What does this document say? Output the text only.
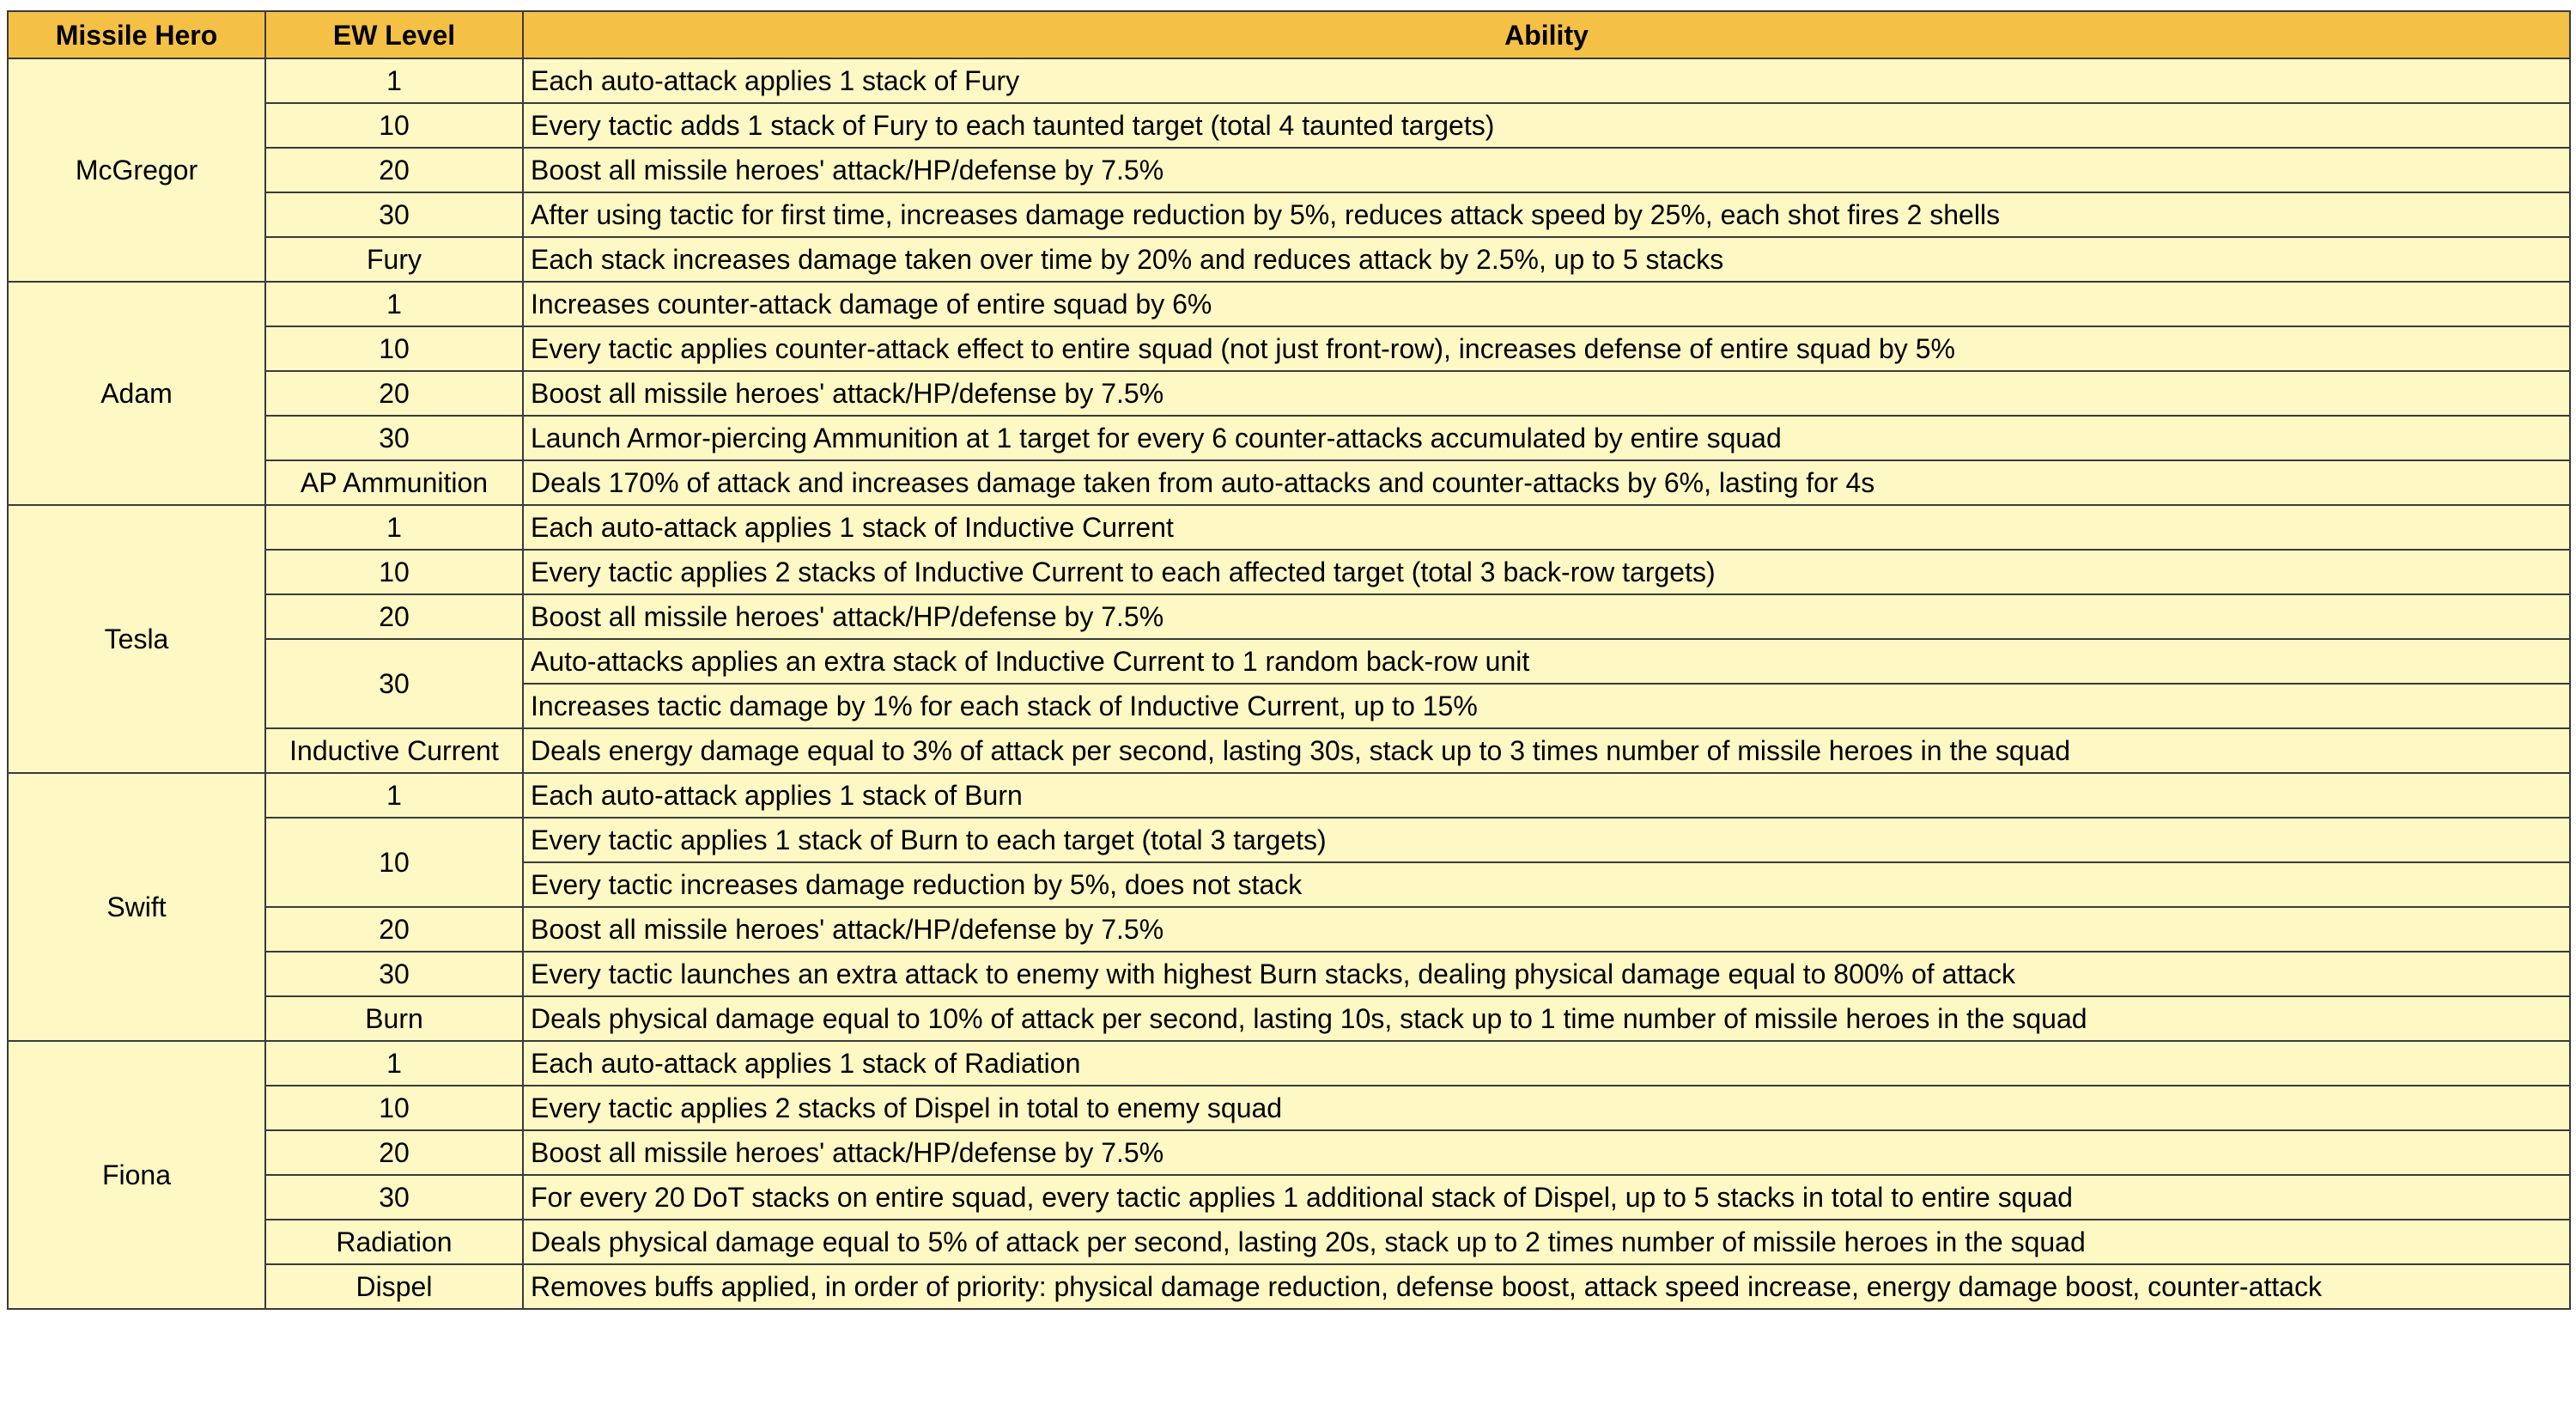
Missile Hero	EW Level	Ability
McGregor	1	Each auto-attack applies 1 stack of Fury
	10	Every tactic adds 1 stack of Fury to each taunted target (total 4 taunted targets)
	20	Boost all missile heroes' attack/HP/defense by 7.5%
	30	After using tactic for first time, increases damage reduction by 5%, reduces attack speed by 25%, each shot fires 2 shells
	Fury	Each stack increases damage taken over time by 20% and reduces attack by 2.5%, up to 5 stacks
Adam	1	Increases counter-attack damage of entire squad by 6%
	10	Every tactic applies counter-attack effect to entire squad (not just front-row), increases defense of entire squad by 5%
	20	Boost all missile heroes' attack/HP/defense by 7.5%
	30	Launch Armor-piercing Ammunition at 1 target for every 6 counter-attacks accumulated by entire squad
	AP Ammunition	Deals 170% of attack and increases damage taken from auto-attacks and counter-attacks by 6%, lasting for 4s
Tesla	1	Each auto-attack applies 1 stack of Inductive Current
	10	Every tactic applies 2 stacks of Inductive Current to each affected target (total 3 back-row targets)
	20	Boost all missile heroes' attack/HP/defense by 7.5%
	30	Auto-attacks applies an extra stack of Inductive Current to 1 random back-row unit
		Increases tactic damage by 1% for each stack of Inductive Current, up to 15%
	Inductive Current	Deals energy damage equal to 3% of attack per second, lasting 30s, stack up to 3 times number of missile heroes in the squad
Swift	1	Each auto-attack applies 1 stack of Burn
	10	Every tactic applies 1 stack of Burn to each target (total 3 targets)
		Every tactic increases damage reduction by 5%, does not stack
	20	Boost all missile heroes' attack/HP/defense by 7.5%
	30	Every tactic launches an extra attack to enemy with highest Burn stacks, dealing physical damage equal to 800% of attack
	Burn	Deals physical damage equal to 10% of attack per second, lasting 10s, stack up to 1 time number of missile heroes in the squad
Fiona	1	Each auto-attack applies 1 stack of Radiation
	10	Every tactic applies 2 stacks of Dispel in total to enemy squad
	20	Boost all missile heroes' attack/HP/defense by 7.5%
	30	For every 20 DoT stacks on entire squad, every tactic applies 1 additional stack of Dispel, up to 5 stacks in total to entire squad
	Radiation	Deals physical damage equal to 5% of attack per second, lasting 20s, stack up to 2 times number of missile heroes in the squad
	Dispel	Removes buffs applied, in order of priority: physical damage reduction, defense boost, attack speed increase, energy damage boost, counter-attack
